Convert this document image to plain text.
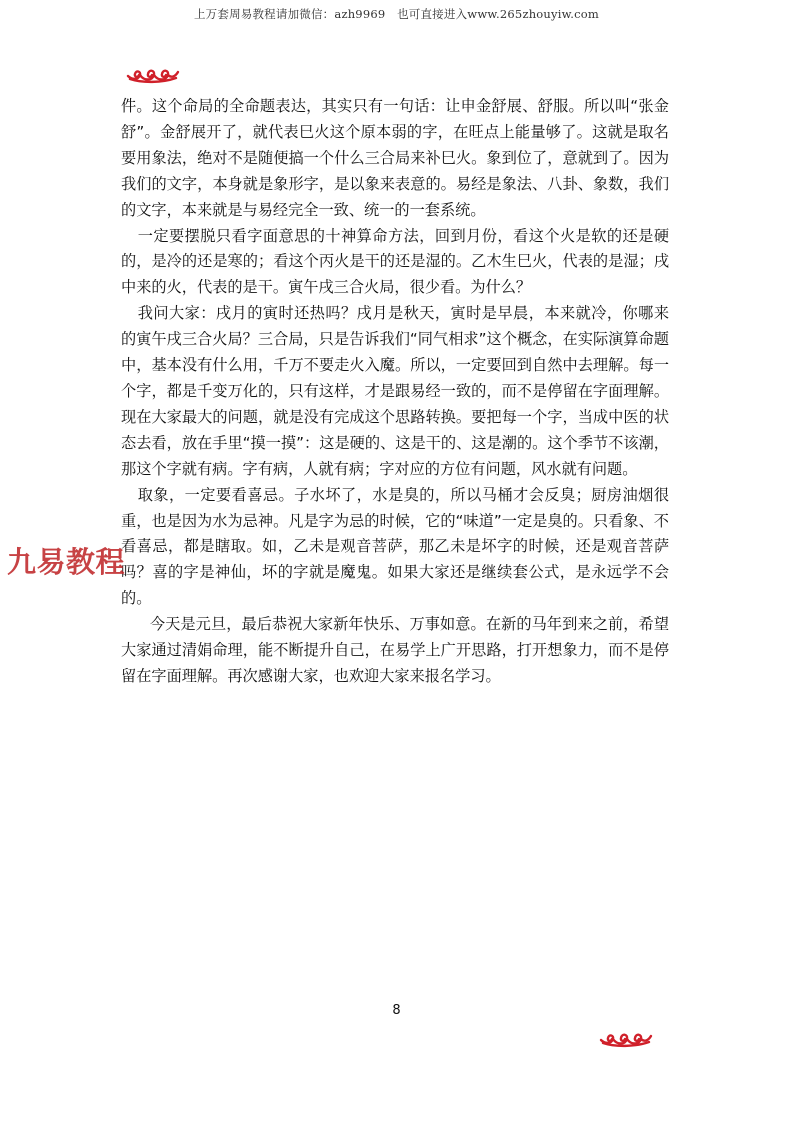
上万套周易教程请加微信：azh9969　也可直接进入www.265zhouyiw.com

件。这个命局的全命题表达，其实只有一句话：让申金舒展、舒服。所以叫“张金舒”。金舒展开了，就代表巳火这个原本弱的字，在旺点上能量够了。这就是取名要用象法，绝对不是随便搞一个什么三合局来补巳火。象到位了，意就到了。因为我们的文字，本身就是象形字，是以象来表意的。易经是象法、八卦、象数，我们的文字，本来就是与易经完全一致、统一的一套系统。

一定要摆脱只看字面意思的十神算命方法，回到月份，看这个火是软的还是硬的，是冷的还是寒的；看这个丙火是干的还是湿的。乙木生巳火，代表的是湿；戌中来的火，代表的是干。寅午戌三合火局，很少看。为什么？

我问大家：戌月的寅时还热吗？戌月是秋天，寅时是早晨，本来就冷，你哪来的寅午戌三合火局？三合局，只是告诉我们“同气相求”这个概念，在实际演算命题中，基本没有什么用，千万不要走火入魔。所以，一定要回到自然中去理解。每一个字，都是千变万化的，只有这样，才是跟易经一致的，而不是停留在字面理解。现在大家最大的问题，就是没有完成这个思路转换。要把每一个字，当成中医的状态去看，放在手里“摸一摸”：这是硬的、这是干的、这是潮的。这个季节不该潮，那这个字就有病。字有病，人就有病；字对应的方位有问题，风水就有问题。

取象，一定要看喜忌。子水坏了，水是臭的，所以马桶才会反臭；厨房油烟很重，也是因为水为忌神。凡是字为忌的时候，它的“味道”一定是臭的。只看象、不看喜忌，都是瞎取。如，乙未是观音菩萨，那乙未是坏字的时候，还是观音菩萨吗？喜的字是神仙，坏的字就是魔鬼。如果大家还是继续套公式，是永远学不会的。

今天是元旦，最后恭祝大家新年快乐、万事如意。在新的马年到来之前，希望大家通过清娟命理，能不断提升自己，在易学上广开思路，打开想象力，而不是停留在字面理解。再次感谢大家，也欢迎大家来报名学习。

九易教程
8
